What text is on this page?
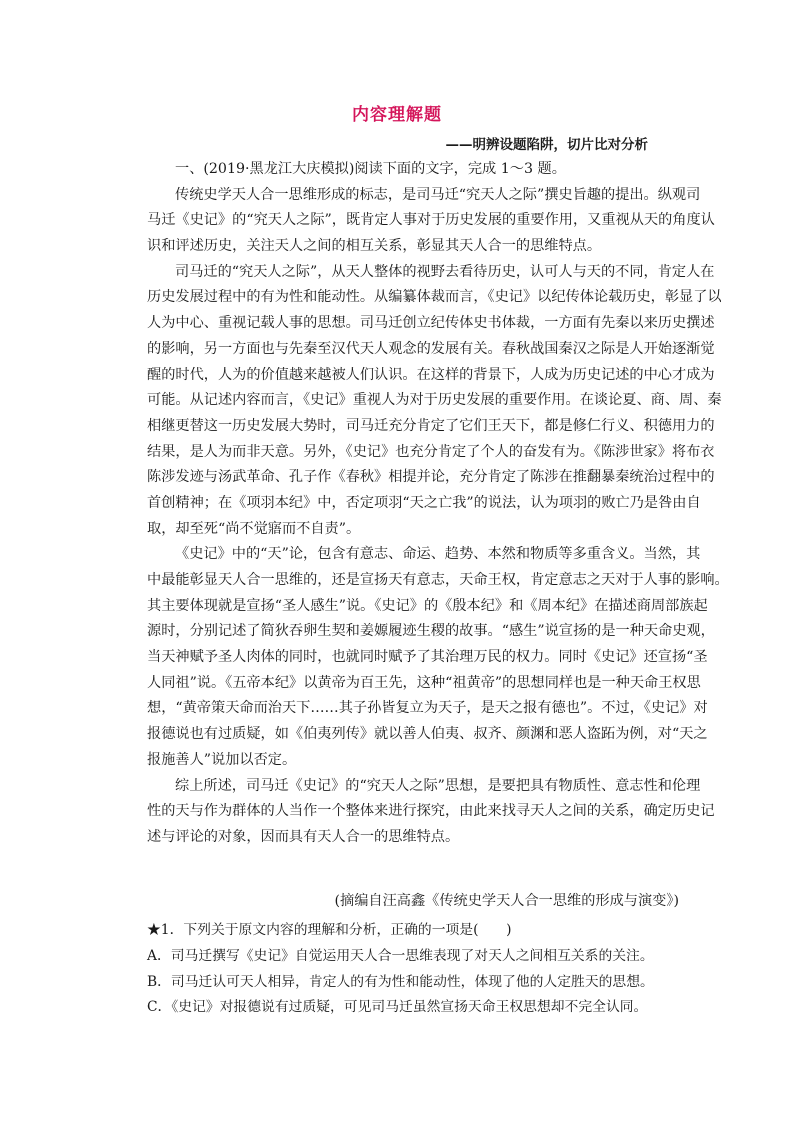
内容理解题
——明辨设题陷阱，切片比对分析
一、(2019·黑龙江大庆模拟)阅读下面的文字，完成 1～3 题。
传统史学天人合一思维形成的标志，是司马迁“究天人之际”撰史旨趣的提出。纵观司
马迁《史记》的“究天人之际”，既肯定人事对于历史发展的重要作用，又重视从天的角度认
识和评述历史，关注天人之间的相互关系，彰显其天人合一的思维特点。
司马迁的“究天人之际”，从天人整体的视野去看待历史，认可人与天的不同，肯定人在
历史发展过程中的有为性和能动性。从编纂体裁而言，《史记》以纪传体论载历史，彰显了以
人为中心、重视记载人事的思想。司马迁创立纪传体史书体裁，一方面有先秦以来历史撰述
的影响，另一方面也与先秦至汉代天人观念的发展有关。春秋战国秦汉之际是人开始逐渐觉
醒的时代，人为的价值越来越被人们认识。在这样的背景下，人成为历史记述的中心才成为
可能。从记述内容而言，《史记》重视人为对于历史发展的重要作用。在谈论夏、商、周、秦
相继更替这一历史发展大势时，司马迁充分肯定了它们王天下，都是修仁行义、积德用力的
结果，是人为而非天意。另外，《史记》也充分肯定了个人的奋发有为。《陈涉世家》将布衣
陈涉发迹与汤武革命、孔子作《春秋》相提并论，充分肯定了陈涉在推翻暴秦统治过程中的
首创精神；在《项羽本纪》中，否定项羽“天之亡我”的说法，认为项羽的败亡乃是咎由自
取，却至死“尚不觉寤而不自责”。
《史记》中的“天”论，包含有意志、命运、趋势、本然和物质等多重含义。当然，其
中最能彰显天人合一思维的，还是宣扬天有意志，天命王权，肯定意志之天对于人事的影响。
其主要体现就是宣扬“圣人感生”说。《史记》的《殷本纪》和《周本纪》在描述商周部族起
源时，分别记述了简狄吞卵生契和姜嫄履迹生稷的故事。“感生”说宣扬的是一种天命史观，
当天神赋予圣人肉体的同时，也就同时赋予了其治理万民的权力。同时《史记》还宣扬“圣
人同祖”说。《五帝本纪》以黄帝为百王先，这种“祖黄帝”的思想同样也是一种天命王权思
想，“黄帝策天命而治天下……其子孙皆复立为天子，是天之报有德也”。不过，《史记》对
报德说也有过质疑，如《伯夷列传》就以善人伯夷、叔齐、颜渊和恶人盗跖为例，对“天之
报施善人”说加以否定。
综上所述，司马迁《史记》的“究天人之际”思想，是要把具有物质性、意志性和伦理
性的天与作为群体的人当作一个整体来进行探究，由此来找寻天人之间的关系，确定历史记
述与评论的对象，因而具有天人合一的思维特点。
(摘编自汪高鑫《传统史学天人合一思维的形成与演变》)
★1．下列关于原文内容的理解和分析，正确的一项是(　　)
A．司马迁撰写《史记》自觉运用天人合一思维表现了对天人之间相互关系的关注。
B．司马迁认可天人相异，肯定人的有为性和能动性，体现了他的人定胜天的思想。
C．《史记》对报德说有过质疑，可见司马迁虽然宣扬天命王权思想却不完全认同。
